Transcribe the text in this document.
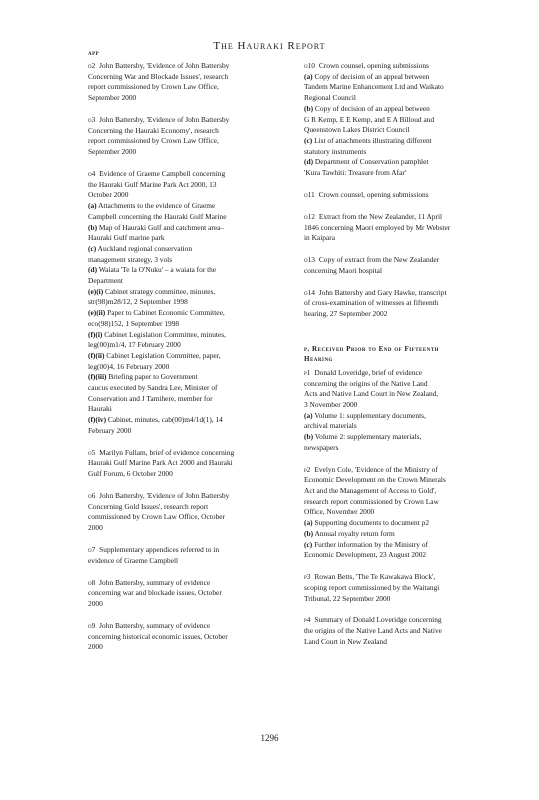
The Hauraki Report
app
o2 John Battersby, 'Evidence of John Battersby
Concerning War and Blockade Issues', research
report commissioned by Crown Law Office,
September 2000
o3 John Battersby, 'Evidence of John Battersby
Concerning the Hauraki Economy', research
report commissioned by Crown Law Office,
September 2000
o4 Evidence of Graeme Campbell concerning
the Hauraki Gulf Marine Park Act 2000, 13
October 2000
(a) Attachments to the evidence of Graeme
Campbell concerning the Hauraki Gulf Marine
(b) Map of Hauraki Gulf and catchment area–
Hauraki Gulf marine park
(c) Auckland regional conservation
management strategy, 3 vols
(d) Waiata 'Te la O'Nuku' – a waiata for the
Department
(e)(i) Cabinet strategy committee, minutes,
str(98)m28/12, 2 September 1998
(e)(ii) Paper to Cabinet Economic Committee,
eco(98)152, 1 September 1998
(f)(i) Cabinet Legislation Committee, minutes,
leg(00)m1/4, 17 February 2000
(f)(ii) Cabinet Legislation Committee, paper,
leg(00)4, 16 February 2000
(f)(iii) Briefing paper to Government
caucus executed by Sandra Lee, Minister of
Conservation and J Tamihere, member for
Hauraki
(f)(iv) Cabinet, minutes, cab(00)m4/1d(1), 14
February 2000
o5 Marilyn Fullam, brief of evidence concerning
Hauraki Gulf Marine Park Act 2000 and Hauraki
Gulf Forum, 6 October 2000
o6 John Battersby, 'Evidence of John Battersby
Concerning Gold Issues', research report
commissioned by Crown Law Office, October
2000
o7 Supplementary appendices referred to in
evidence of Graeme Campbell
o8 John Battersby, summary of evidence
concerning war and blockade issues, October
2000
o9 John Battersby, summary of evidence
concerning historical economic issues, October
2000
o10 Crown counsel, opening submissions
(a) Copy of decision of an appeal between
Tandem Marine Enhancement Ltd and Waikato
Regional Council
(b) Copy of decision of an appeal between
G R Kemp, E E Kemp, and E A Billoud and
Queenstown Lakes District Council
(c) List of attachments illustrating different
statutory instruments
(d) Department of Conservation pamphlet
'Kura Tawhiti: Treasure from Afar'
o11 Crown counsel, opening submissions
o12 Extract from the New Zealander, 11 April
1846 concerning Maori employed by Mr Webster
in Kaipara
o13 Copy of extract from the New Zealander
concerning Maori hospital
o14 John Battersby and Gary Hawke, transcript
of cross-examination of witnesses at fifteenth
hearing, 27 September 2002
p. Received Prior to End of Fifteenth
Hearing
p1 Donald Loveridge, brief of evidence
concerning the origins of the Native Land
Acts and Native Land Court in New Zealand,
3 November 2000
(a) Volume 1: supplementary documents,
archival materials
(b) Volume 2: supplementary materials,
newspapers
p2 Evelyn Cole, 'Evidence of the Ministry of
Economic Development on the Crown Minerals
Act and the Management of Access to Gold',
research report commissioned by Crown Law
Office, November 2000
(a) Supporting documents to document p2
(b) Annual royalty return form
(c) Further information by the Ministry of
Economic Development, 23 August 2002
p3 Rowan Betts, 'The Te Kawakawa Block',
scoping report commissioned by the Waitangi
Tribunal, 22 September 2000
p4 Summary of Donald Loveridge concerning
the origins of the Native Land Acts and Native
Land Court in New Zealand
1296
